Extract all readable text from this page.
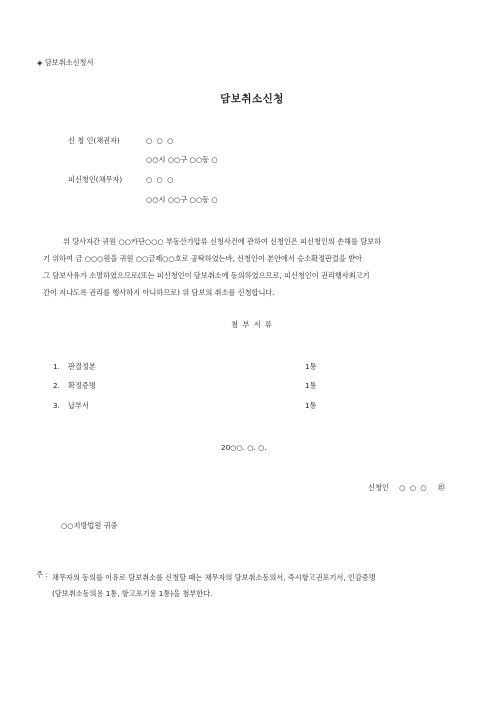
◈ 담보취소신청서
담보취소신청
신 청 인(채권자)	○ ○ ○
○○시 ○○구 ○○동 ○
피신청인(채무자)	○ ○ ○
○○시 ○○구 ○○동 ○
위 당사자간 귀원 ○○카단○○○ 부동산가압류 신청사건에 관하여 신청인은 피신청인의 손해를 담보하
기 위하여 금 ○○○원을 귀원 ○○금제○○호로 공탁하였는바, 신청인이 본안에서 승소확정판결을 받아
그 담보사유가 소멸하였으므로(또는 피신청인이 담보취소에 동의하였으므로, 피신청인이 권리행사최고기
간이 지나도록 권리를 행사하지 아니하므로) 위 담보의 취소를 신청합니다.
첨 부 서 류
1. 판결정본	1통
2. 확정증명	1통
3. 납부서	1통
20○○. ○. ○.
신청인 ○ ○ ○ ㊞
○○지방법원 귀중
주 : 채무자의 동의를 이유로 담보취소를 신청할 때는 채무자의 담보취소동의서, 즉시항고권포기서, 인감증명
(담보취소동의용 1통, 항고포기용 1통)을 첨부한다.
